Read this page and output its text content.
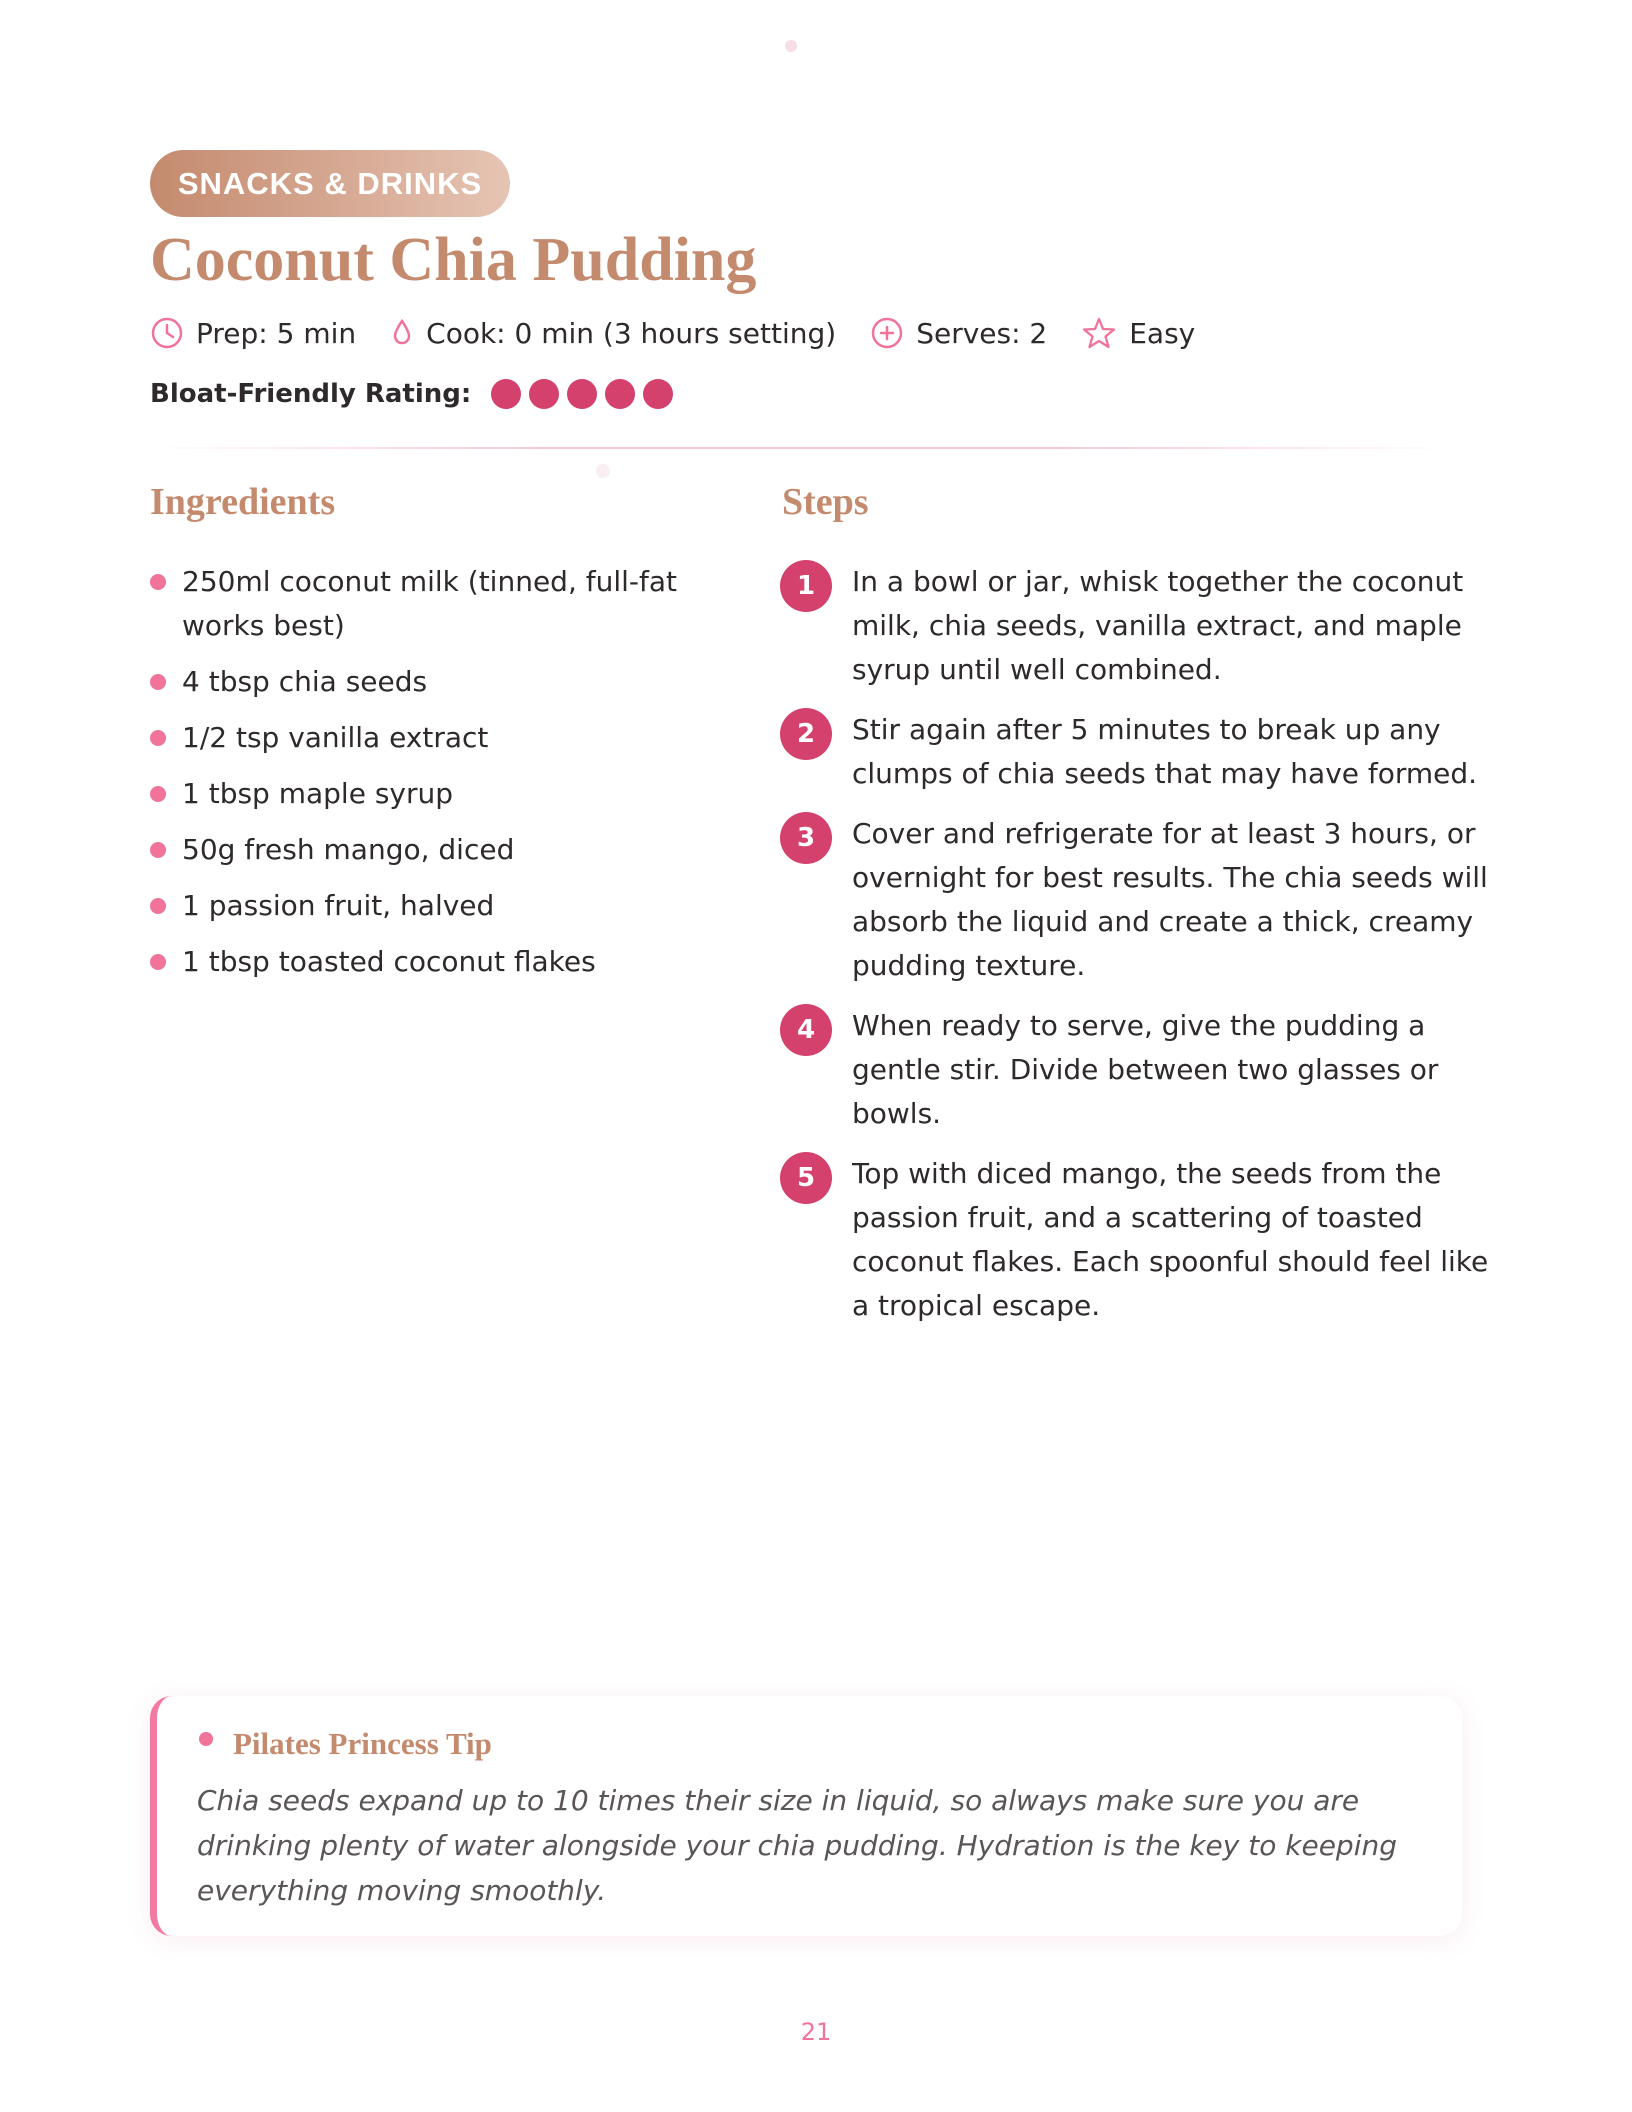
SNACKS & DRINKS
Coconut Chia Pudding
Prep: 5 min	Cook: 0 min (3 hours setting)	Serves: 2	Easy
Bloat-Friendly Rating:
Ingredients
250ml coconut milk (tinned, full-fat works best)
4 tbsp chia seeds
1/2 tsp vanilla extract
1 tbsp maple syrup
50g fresh mango, diced
1 passion fruit, halved
1 tbsp toasted coconut flakes
Steps
1	In a bowl or jar, whisk together the coconut milk, chia seeds, vanilla extract, and maple syrup until well combined.
2	Stir again after 5 minutes to break up any clumps of chia seeds that may have formed.
3	Cover and refrigerate for at least 3 hours, or overnight for best results. The chia seeds will absorb the liquid and create a thick, creamy pudding texture.
4	When ready to serve, give the pudding a gentle stir. Divide between two glasses or bowls.
5	Top with diced mango, the seeds from the passion fruit, and a scattering of toasted coconut flakes. Each spoonful should feel like a tropical escape.
Pilates Princess Tip

Chia seeds expand up to 10 times their size in liquid, so always make sure you are drinking plenty of water alongside your chia pudding. Hydration is the key to keeping everything moving smoothly.

21
